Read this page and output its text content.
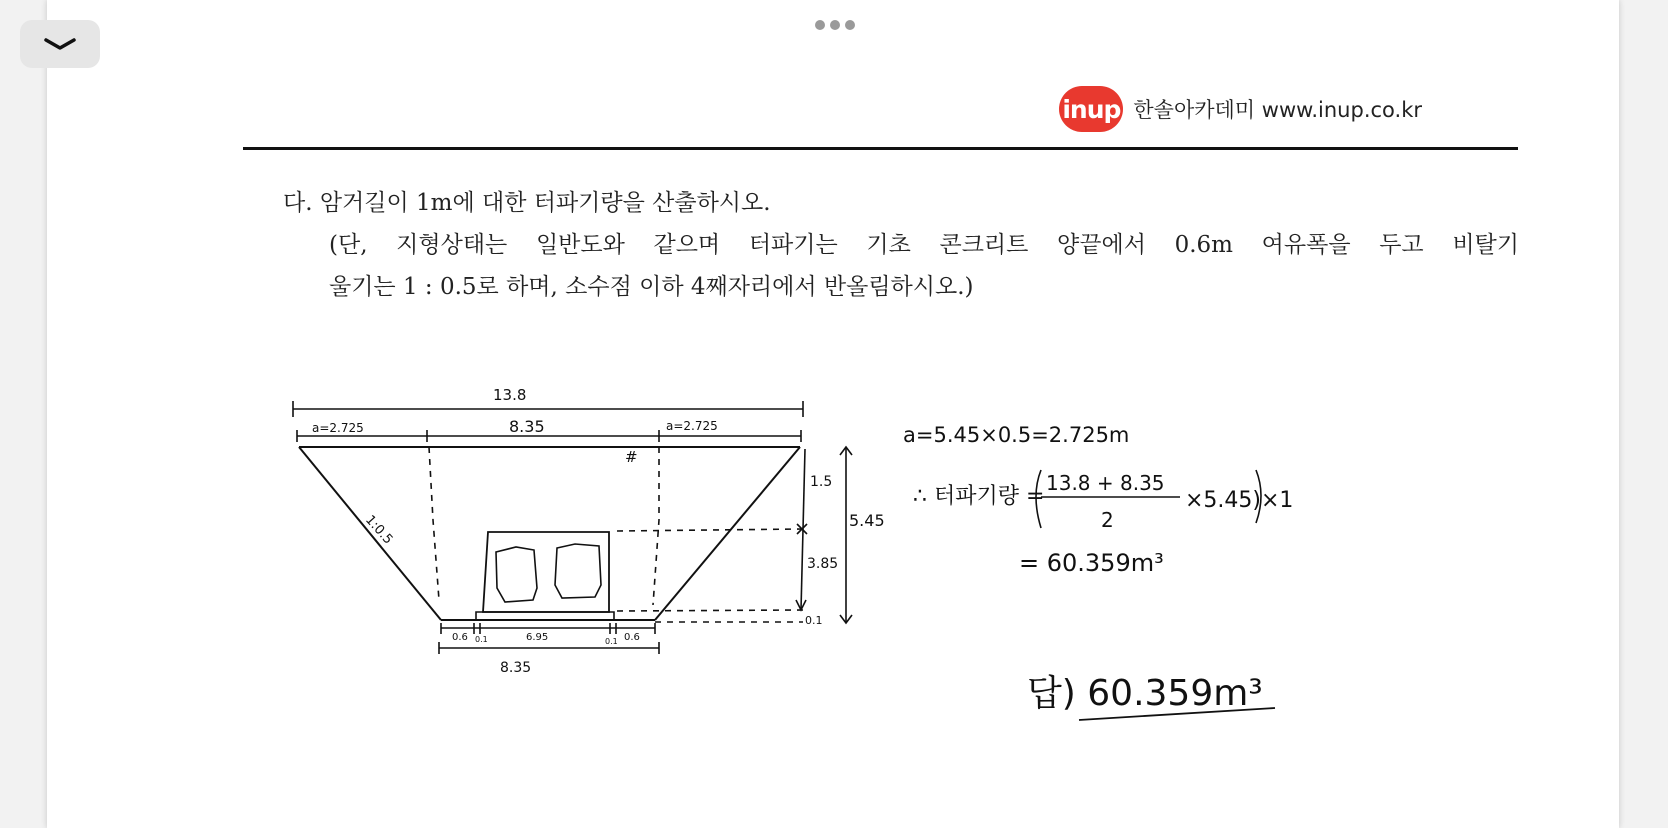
inup 한솔아카데미 www.inup.co.kr
다. 암거길이 1m에 대한 터파기량을 산출하시오.
(단, 지형상태는 일반도와 같으며 터파기는 기초 콘크리트 양끝에서 0.6m 여유폭을 두고 비탈기
울기는 1 : 0.5로 하며, 소수점 이하 4째자리에서 반올림하시오.)
13.8
a=2.725	8.35	a=2.725
#
1:0.5
1.5
5.45
3.85
0.1
0.6 0.1	6.95	0.1 0.6
8.35
a=5.45×0.5=2.725m
∴ 터파기량 =
13.8 + 8.35
2
×5.45)×1
= 60.359m³
답) 60.359m³
